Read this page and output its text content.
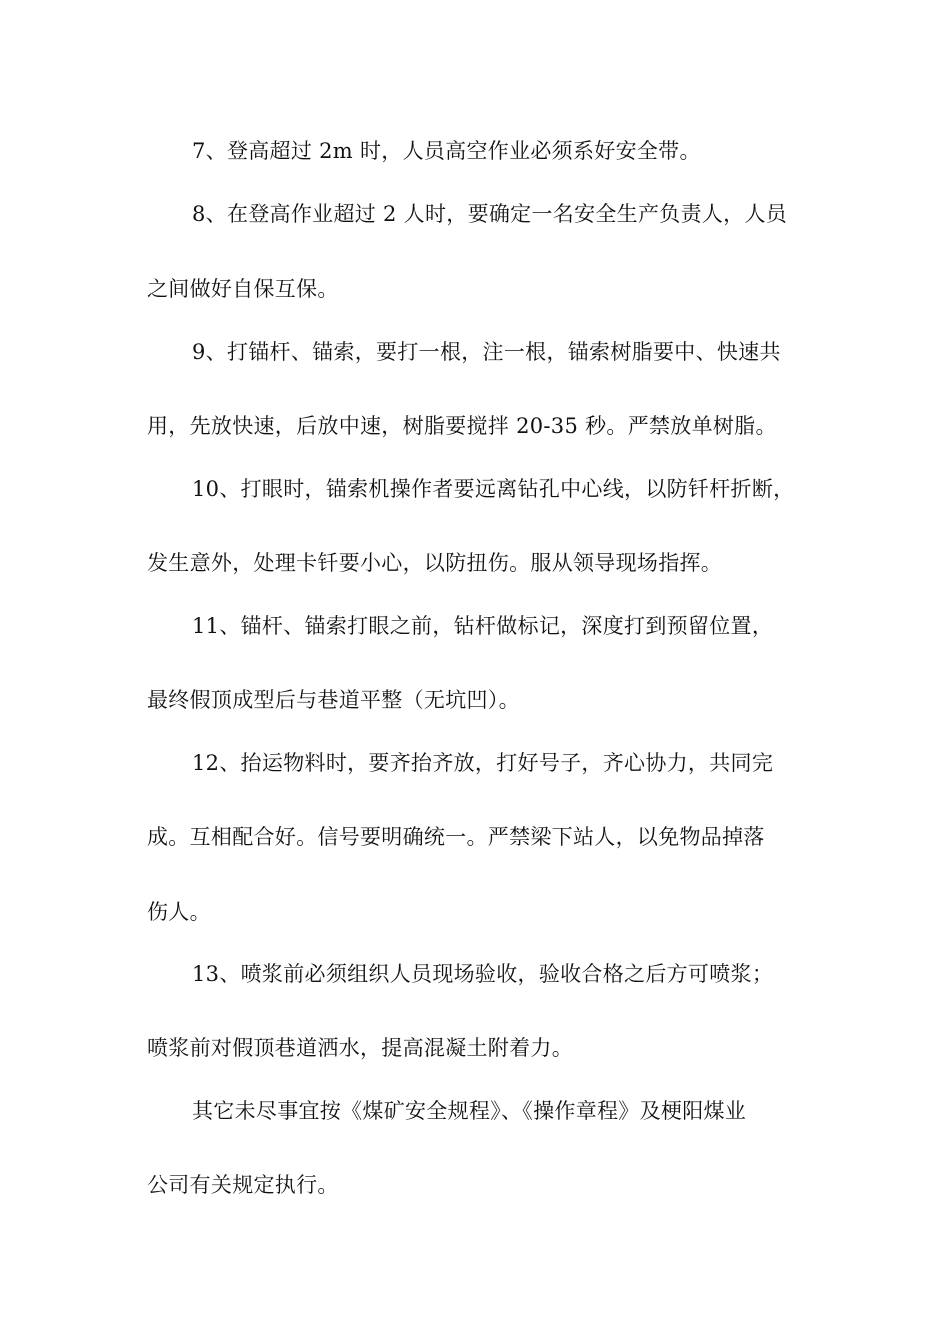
7、登高超过 2m 时，人员高空作业必须系好安全带。
8、在登高作业超过 2 人时，要确定一名安全生产负责人，人员
之间做好自保互保。
9、打锚杆、锚索，要打一根，注一根，锚索树脂要中、快速共
用，先放快速，后放中速，树脂要搅拌 20-35 秒。严禁放单树脂。
10、打眼时，锚索机操作者要远离钻孔中心线，以防钎杆折断，
发生意外，处理卡钎要小心，以防扭伤。服从领导现场指挥。
11、锚杆、锚索打眼之前，钻杆做标记，深度打到预留位置，
最终假顶成型后与巷道平整（无坑凹）。
12、抬运物料时，要齐抬齐放，打好号子，齐心协力，共同完
成。互相配合好。信号要明确统一。严禁梁下站人，以免物品掉落
伤人。
13、喷浆前必须组织人员现场验收，验收合格之后方可喷浆；
喷浆前对假顶巷道洒水，提高混凝土附着力。
其它未尽事宜按《煤矿安全规程》、《操作章程》及梗阳煤业
公司有关规定执行。
